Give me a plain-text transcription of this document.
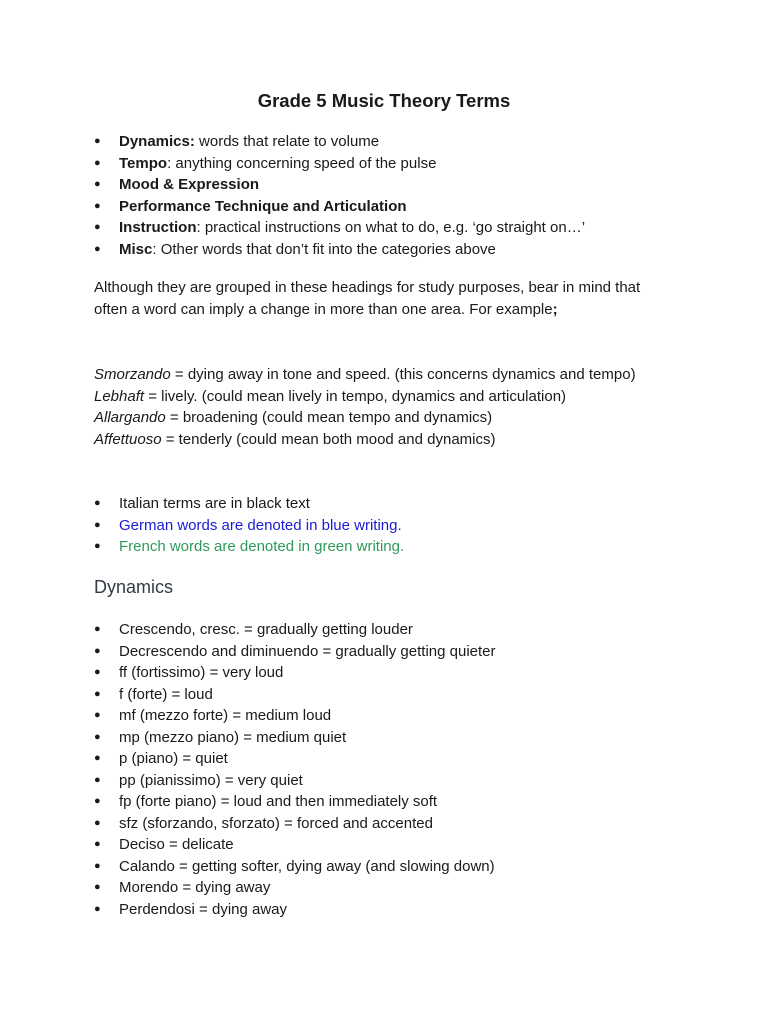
Grade 5 Music Theory Terms
● Dynamics: words that relate to volume
● Tempo: anything concerning speed of the pulse
● Mood & Expression
● Performance Technique and Articulation
● Instruction: practical instructions on what to do, e.g. ‘go straight on…’
● Misc: Other words that don’t fit into the categories above
Although they are grouped in these headings for study purposes, bear in mind that often a word can imply a change in more than one area. For example;
Smorzando = dying away in tone and speed. (this concerns dynamics and tempo)
Lebhaft = lively. (could mean lively in tempo, dynamics and articulation)
Allargando = broadening (could mean tempo and dynamics)
Affettuoso = tenderly (could mean both mood and dynamics)
● Italian terms are in black text
● German words are denoted in blue writing.
● French words are denoted in green writing.
Dynamics
● Crescendo, cresc. = gradually getting louder
● Decrescendo and diminuendo = gradually getting quieter
● ff (fortissimo) = very loud
● f (forte) = loud
● mf (mezzo forte) = medium loud
● mp (mezzo piano) = medium quiet
● p (piano) = quiet
● pp (pianissimo) = very quiet
● fp (forte piano) = loud and then immediately soft
● sfz (sforzando, sforzato) = forced and accented
● Deciso = delicate
● Calando = getting softer, dying away (and slowing down)
● Morendo = dying away
● Perdendosi = dying away
